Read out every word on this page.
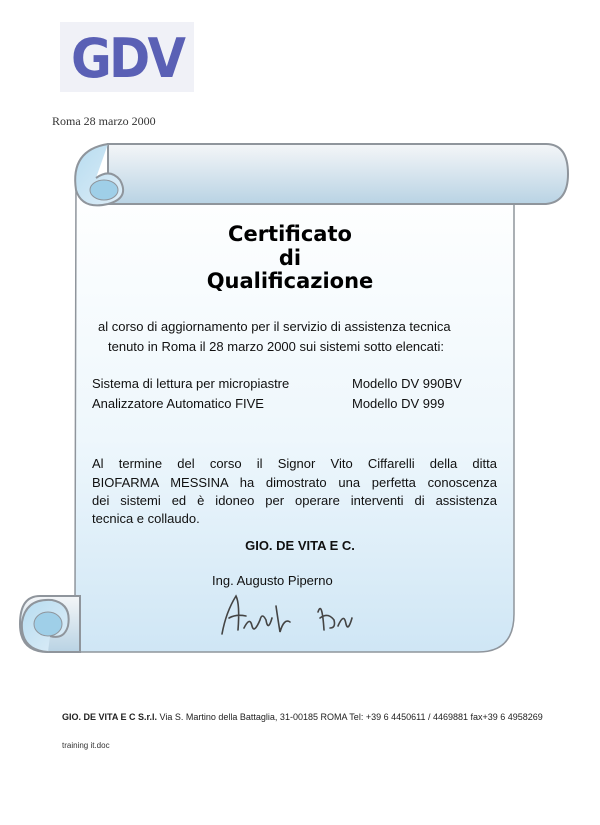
GDV
Roma 28 marzo 2000
Certificato
di
Qualificazione
al corso di aggiornamento per il servizio di assistenza tecnica
tenuto in Roma il 28 marzo 2000 sui sistemi sotto elencati:
Sistema di lettura per micropiastre	Modello DV 990BV
Analizzatore Automatico FIVE	Modello DV 999
Al termine del corso il Signor Vito Ciffarelli della ditta
BIOFARMA MESSINA ha dimostrato una perfetta conoscenza
dei sistemi ed è idoneo per operare interventi di assistenza
tecnica e collaudo.
GIO. DE VITA E C.
Ing. Augusto Piperno
GIO. DE VITA E C S.r.l. Via S. Martino della Battaglia, 31-00185 ROMA Tel: +39 6 4450611 / 4469881 fax+39 6 4958269
training it.doc
